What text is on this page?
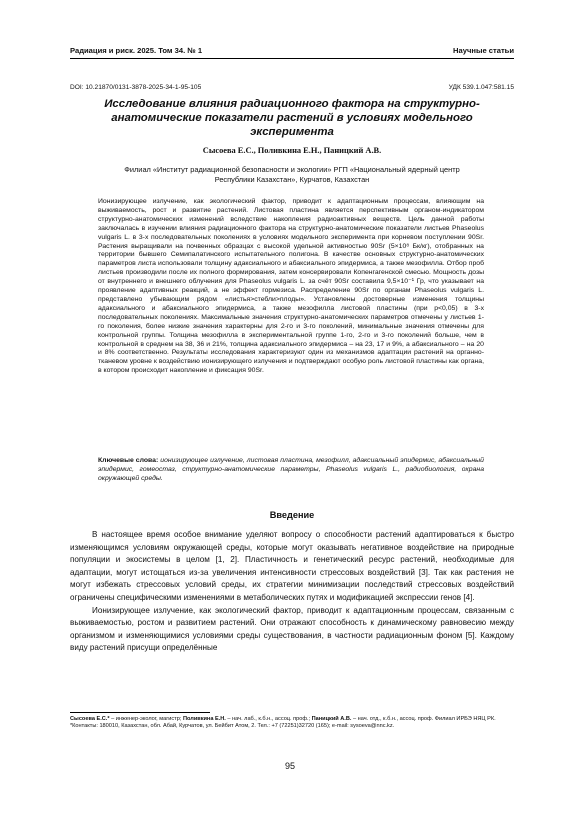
Радиация и риск. 2025. Том 34. № 1	Научные статьи
DOI: 10.21870/0131-3878-2025-34-1-95-105	УДК 539.1.047:581.15
Исследование влияния радиационного фактора на структурно-анатомические показатели растений в условиях модельного эксперимента
Сысоева Е.С., Поливкина Е.Н., Паницкий А.В.
Филиал «Институт радиационной безопасности и экологии» РГП «Национальный ядерный центр Республики Казахстан», Курчатов, Казахстан
Ионизирующее излучение, как экологический фактор, приводит к адаптационным процессам, влияющим на выживаемость, рост и развитие растений. Листовая пластина является перспективным органом-индикатором структурно-анатомических изменений вследствие накопления радиоактивных веществ. Цель данной работы заключалась в изучении влияния радиационного фактора на структурно-анатомические показатели листьев Phaseolus vulgaris L. в 3-х последовательных поколениях в условиях модельного эксперимента при корневом поступлении 90Sr. Растения выращивали на почвенных образцах с высокой удельной активностью 90Sr (5×10⁸ Бк/кг), отобранных на территории бывшего Семипалатинского испытательного полигона. В качестве основных структурно-анатомических параметров листа использовали толщину адаксиального и абаксиального эпидермиса, а также мезофилла. Отбор проб листьев производили после их полного формирования, затем консервировали Копенгагенской смесью. Мощность дозы от внутреннего и внешнего облучения для Phaseolus vulgaris L. за счёт 90Sr составила 9,5×10⁻¹ Гр, что указывает на проявление адаптивных реакций, а не эффект гормезиса. Распределение 90Sr по органам Phaseolus vulgaris L. представлено убывающим рядом «листья>стебли>плоды». Установлены достоверные изменения толщины адаксиального и абаксиального эпидермиса, а также мезофилла листовой пластины (при p<0,05) в 3-х последовательных поколениях. Максимальные значения структурно-анатомических параметров отмечены у листьев 1-го поколения, более низкие значения характерны для 2-го и 3-го поколений, минимальные значения отмечены для контрольной группы. Толщина мезофилла в экспериментальной группе 1-го, 2-го и 3-го поколений больше, чем в контрольной в среднем на 38, 36 и 21%, толщина адаксиального эпидермиса – на 23, 17 и 9%, а абаксиального – на 20 и 8% соответственно. Результаты исследования характеризуют один из механизмов адаптации растений на органно-тканевом уровне к воздействию ионизирующего излучения и подтверждают особую роль листовой пластины как органа, в котором происходит накопление и фиксация 90Sr.
Ключевые слова: ионизирующее излучение, листовая пластина, мезофилл, адаксиальный эпидермис, абаксиальный эпидермис, гомеостаз, структурно-анатомические параметры, Phaseolus vulgaris L., радиобиология, охрана окружающей среды.
Введение

В настоящее время особое внимание уделяют вопросу о способности растений адаптироваться к быстро изменяющимся условиям окружающей среды, которые могут оказывать негативное воздействие на природные популяции и экосистемы в целом [1, 2]. Пластичность и генетический ресурс растений, необходимые для адаптации, могут истощаться из-за увеличения интенсивности стрессовых воздействий [3]. Так как растения не могут избежать стрессовых условий среды, их стратегии минимизации последствий стрессовых воздействий ограничены специфическими изменениями в метаболических путях и модификацией экспрессии генов [4].

Ионизирующее излучение, как экологический фактор, приводит к адаптационным процессам, связанным с выживаемостью, ростом и развитием растений. Они отражают способность к динамическому равновесию между организмом и изменяющимися условиями среды существования, в частности радиационным фоном [5]. Каждому виду растений присущи определённые

Сысоева Е.С.* – инженер-эколог, магистр; Поливкина Е.Н. – нач. лаб., к.б.н., ассоц. проф.; Паницкий А.В. – нач. отд., к.б.н., ассоц. проф. Филиал ИРБЭ НЯЦ РК.

*Контакты: 180010, Казахстан, обл. Абай, Курчатов, ул. Бейбит Атом, 2. Тел.: +7 (72251)32720 (165); e-mail: sysoeva@nnc.kz.

95
